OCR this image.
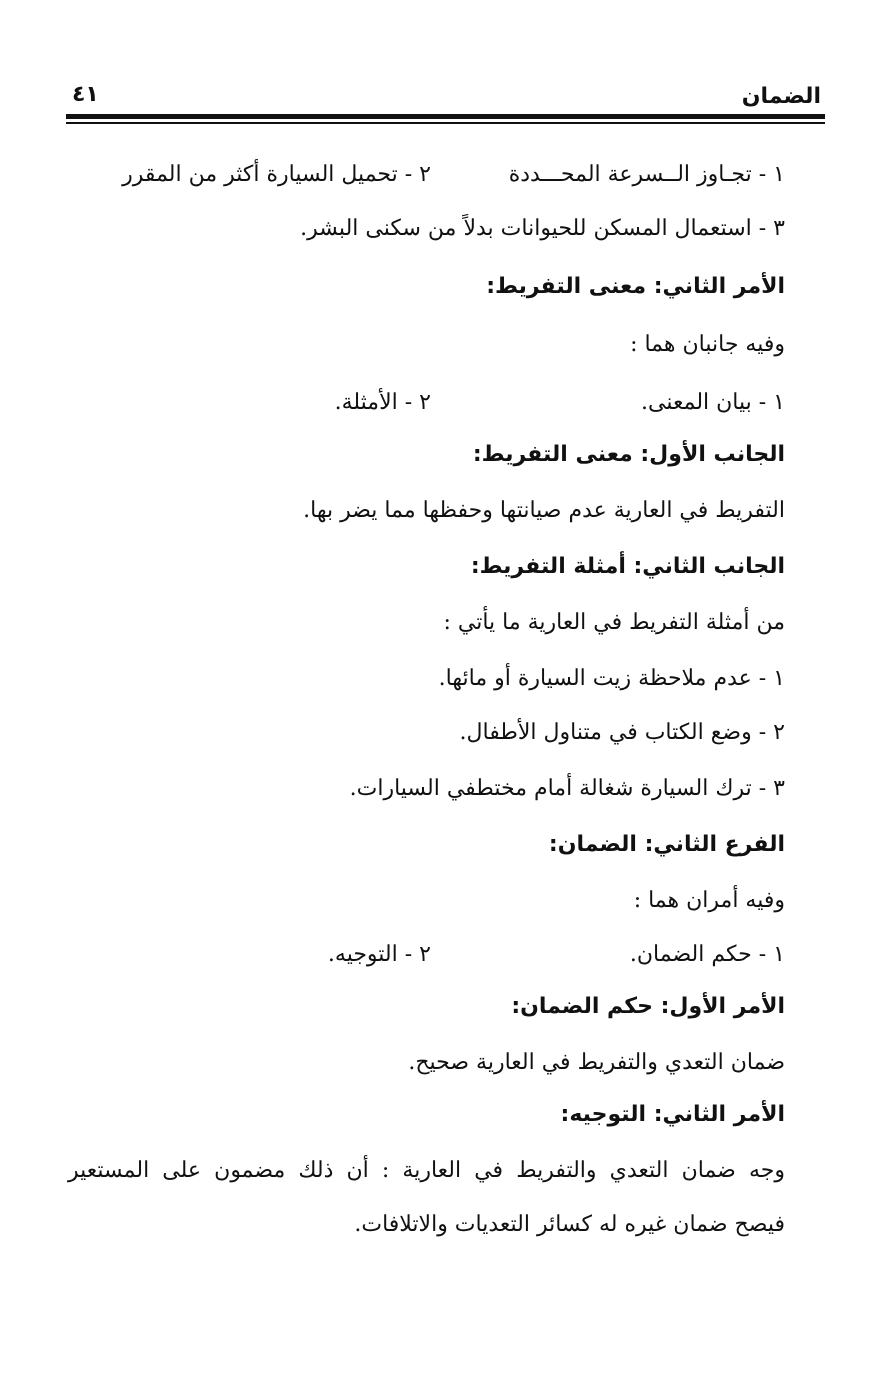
الضمان
٤١
١ - تجـاوز الــسرعة المحـــددة
٢ - تحميل السيارة أكثر من المقرر
٣ - استعمال المسكن للحيوانات بدلاً من سكنى البشر.
الأمر الثاني: معنى التفريط:
وفيه جانبان هما :
١ - بيان المعنى.
٢ - الأمثلة.
الجانب الأول: معنى التفريط:
التفريط في العارية عدم صيانتها وحفظها مما يضر بها.
الجانب الثاني: أمثلة التفريط:
من أمثلة التفريط في العارية ما يأتي :
١ - عدم ملاحظة زيت السيارة أو مائها.
٢ - وضع الكتاب في متناول الأطفال.
٣ - ترك السيارة شغالة أمام مختطفي السيارات.
الفرع الثاني: الضمان:
وفيه أمران هما :
١ - حكم الضمان.
٢ - التوجيه.
الأمر الأول: حكم الضمان:
ضمان التعدي والتفريط في العارية صحيح.
الأمر الثاني: التوجيه:
وجه ضمان التعدي والتفريط في العارية : أن ذلك مضمون على المستعير
فيصح ضمان غيره له كسائر التعديات والاتلافات.
